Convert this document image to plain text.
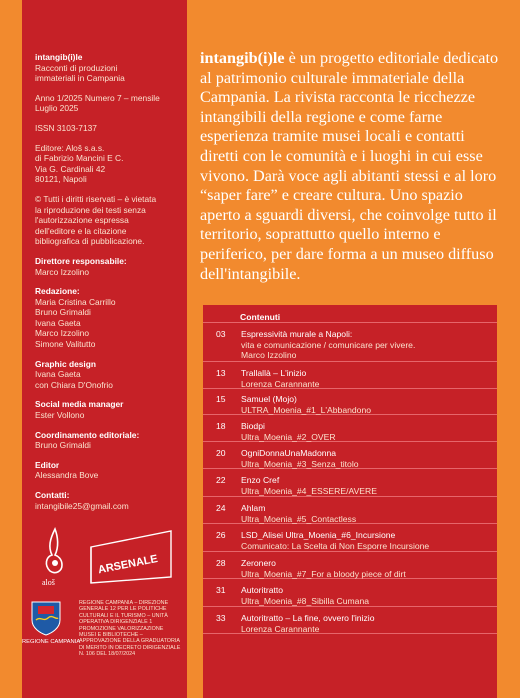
intangib(i)le
Racconti di produzioni
immateriali in Campania
Anno 1/2025 Numero 7 – mensile
Luglio 2025
ISSN 3103-7137
Editore: Aloš s.a.s.
di Fabrizio Mancini E C.
Via G. Cardinali 42
80121, Napoli
© Tutti i diritti riservati – è vietata
la riproduzione dei testi senza
l'autorizzazione espressa
dell'editore e la citazione
bibliografica di pubblicazione.
Direttore responsabile:
Marco Izzolino
Redazione:
Maria Cristina Carrillo
Bruno Grimaldi
Ivana Gaeta
Marco Izzolino
Simone Valitutto
Graphic design
Ivana Gaeta
con Chiara D'Onofrio
Social media manager
Ester Vollono
Coordinamento editoriale:
Bruno Grimaldi
Editor
Alessandra Bove
Contatti:
intangibile25@gmail.com
aloš
ARSENALE
REGIONE CAMPANIA
REGIONE CAMPANIA – DIREZIONE GENERALE 12 PER LE POLITICHE CULTURALI E IL TURISMO – UNITÀ OPERATIVA DIRIGENZIALE 1 PROMOZIONE VALORIZZAZIONE MUSEI E BIBLIOTECHE – APPROVAZIONE DELLA GRADUATORIA DI MERITO IN DECRETO DIRIGENZIALE N. 106 DEL 18/07/2024

intangib(i)le è un progetto editoriale dedicato al patrimonio culturale immateriale della Campania. La rivista racconta le ricchezze intangibili della regione e come farne esperienza tramite musei locali e contatti diretti con le comunità e i luoghi in cui esse vivono. Darà voce agli abitanti stessi e al loro “saper fare” e creare cultura. Uno spazio aperto a sguardi diversi, che coinvolge tutto il territorio, soprattutto quello interno e periferico, per dare forma a un museo diffuso dell'intangibile.

Contenuti
03 Espressività murale a Napoli:
vita e comunicazione / comunicare per vivere.
Marco Izzolino
13 Trallallà – L'inizio
Lorenza Carannante
15 Samuel (Mojo)
ULTRA_Moenia_#1_L'Abbandono
18 Biodpi
Ultra_Moenia_#2_OVER
20 OgniDonnaUnaMadonna
Ultra_Moenia_#3_Senza_titolo
22 Enzo Cref
Ultra_Moenia_#4_ESSERE/AVERE
24 Ahlam
Ultra_Moenia_#5_Contactless
26 LSD_Alisei Ultra_Moenia_#6_Incursione
Comunicato: La Scelta di Non Esporre Incursione
28 Zeronero
Ultra_Moenia_#7_For a bloody piece of dirt
31 Autoritratto
Ultra_Moenia_#8_Sibilla Cumana
33 Autoritratto – La fine, ovvero l'inizio
Lorenza Carannante
